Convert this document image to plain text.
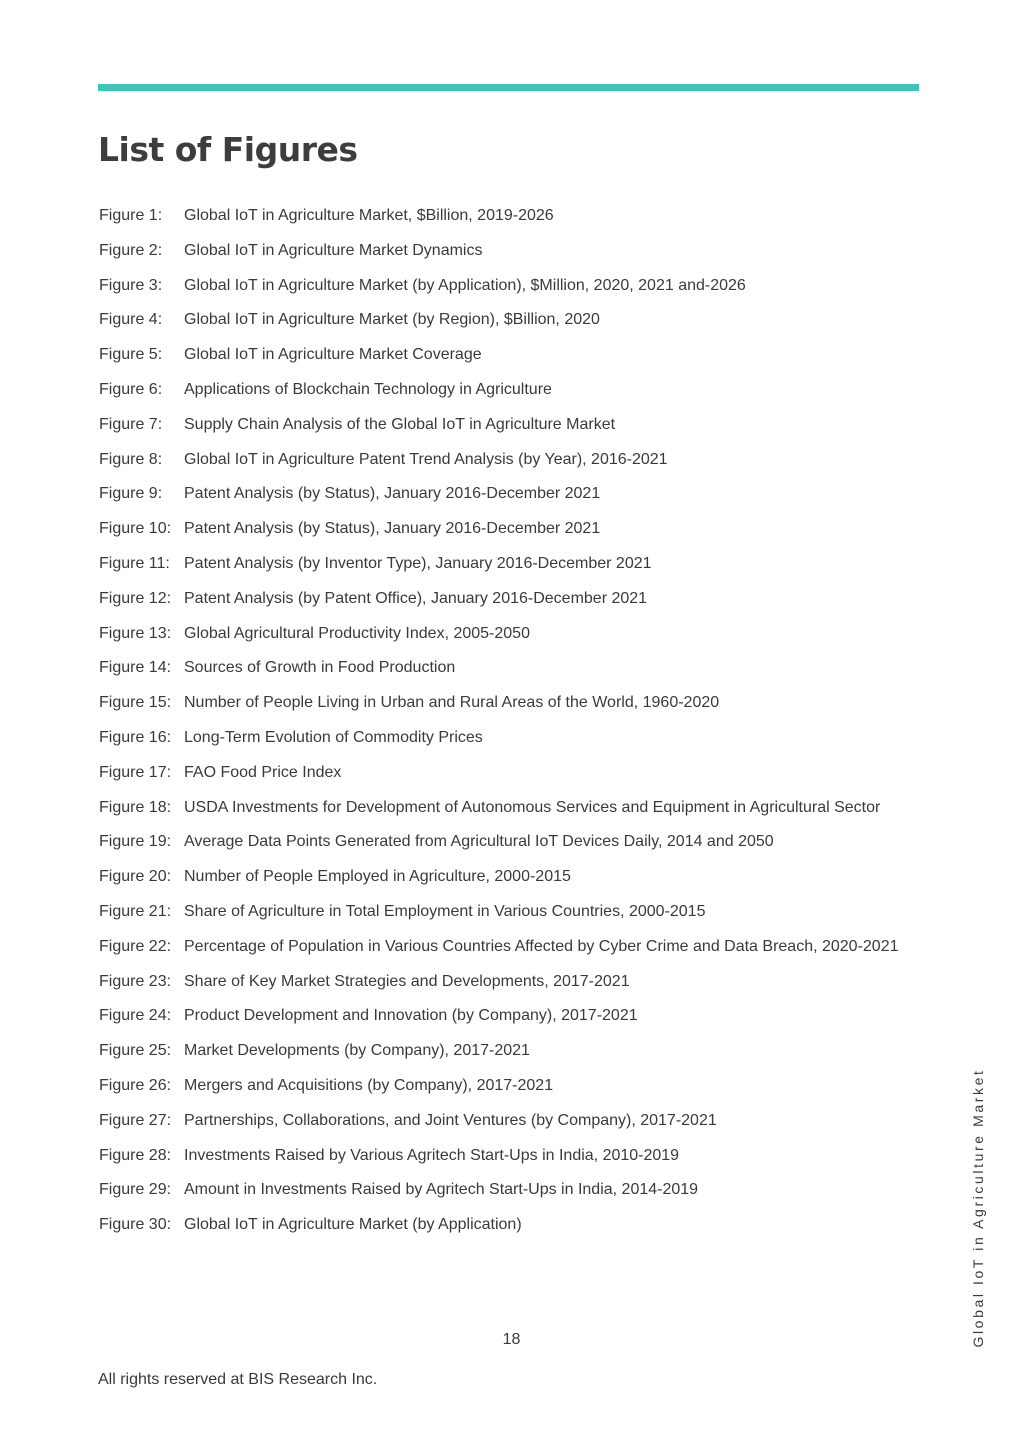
List of Figures
Figure 1:	Global IoT in Agriculture Market, $Billion, 2019-2026
Figure 2:	Global IoT in Agriculture Market Dynamics
Figure 3:	Global IoT in Agriculture Market (by Application), $Million, 2020, 2021 and-2026
Figure 4:	Global IoT in Agriculture Market (by Region), $Billion, 2020
Figure 5:	Global IoT in Agriculture Market Coverage
Figure 6:	Applications of Blockchain Technology in Agriculture
Figure 7:	Supply Chain Analysis of the Global IoT in Agriculture Market
Figure 8:	Global IoT in Agriculture Patent Trend Analysis (by Year), 2016-2021
Figure 9:	Patent Analysis (by Status), January 2016-December 2021
Figure 10: Patent Analysis (by Status), January 2016-December 2021
Figure 11: Patent Analysis (by Inventor Type), January 2016-December 2021
Figure 12: Patent Analysis (by Patent Office), January 2016-December 2021
Figure 13: Global Agricultural Productivity Index, 2005-2050
Figure 14: Sources of Growth in Food Production
Figure 15: Number of People Living in Urban and Rural Areas of the World, 1960-2020
Figure 16: Long-Term Evolution of Commodity Prices
Figure 17: FAO Food Price Index
Figure 18: USDA Investments for Development of Autonomous Services and Equipment in Agricultural Sector
Figure 19: Average Data Points Generated from Agricultural IoT Devices Daily, 2014 and 2050
Figure 20: Number of People Employed in Agriculture, 2000-2015
Figure 21: Share of Agriculture in Total Employment in Various Countries, 2000-2015
Figure 22: Percentage of Population in Various Countries Affected by Cyber Crime and Data Breach, 2020-2021
Figure 23: Share of Key Market Strategies and Developments, 2017-2021
Figure 24: Product Development and Innovation (by Company), 2017-2021
Figure 25: Market Developments (by Company), 2017-2021
Figure 26: Mergers and Acquisitions (by Company), 2017-2021
Figure 27: Partnerships, Collaborations, and Joint Ventures (by Company), 2017-2021
Figure 28: Investments Raised by Various Agritech Start-Ups in India, 2010-2019
Figure 29: Amount in Investments Raised by Agritech Start-Ups in India, 2014-2019
Figure 30: Global IoT in Agriculture Market (by Application)
18
All rights reserved at BIS Research Inc.
Global IoT in Agriculture Market
